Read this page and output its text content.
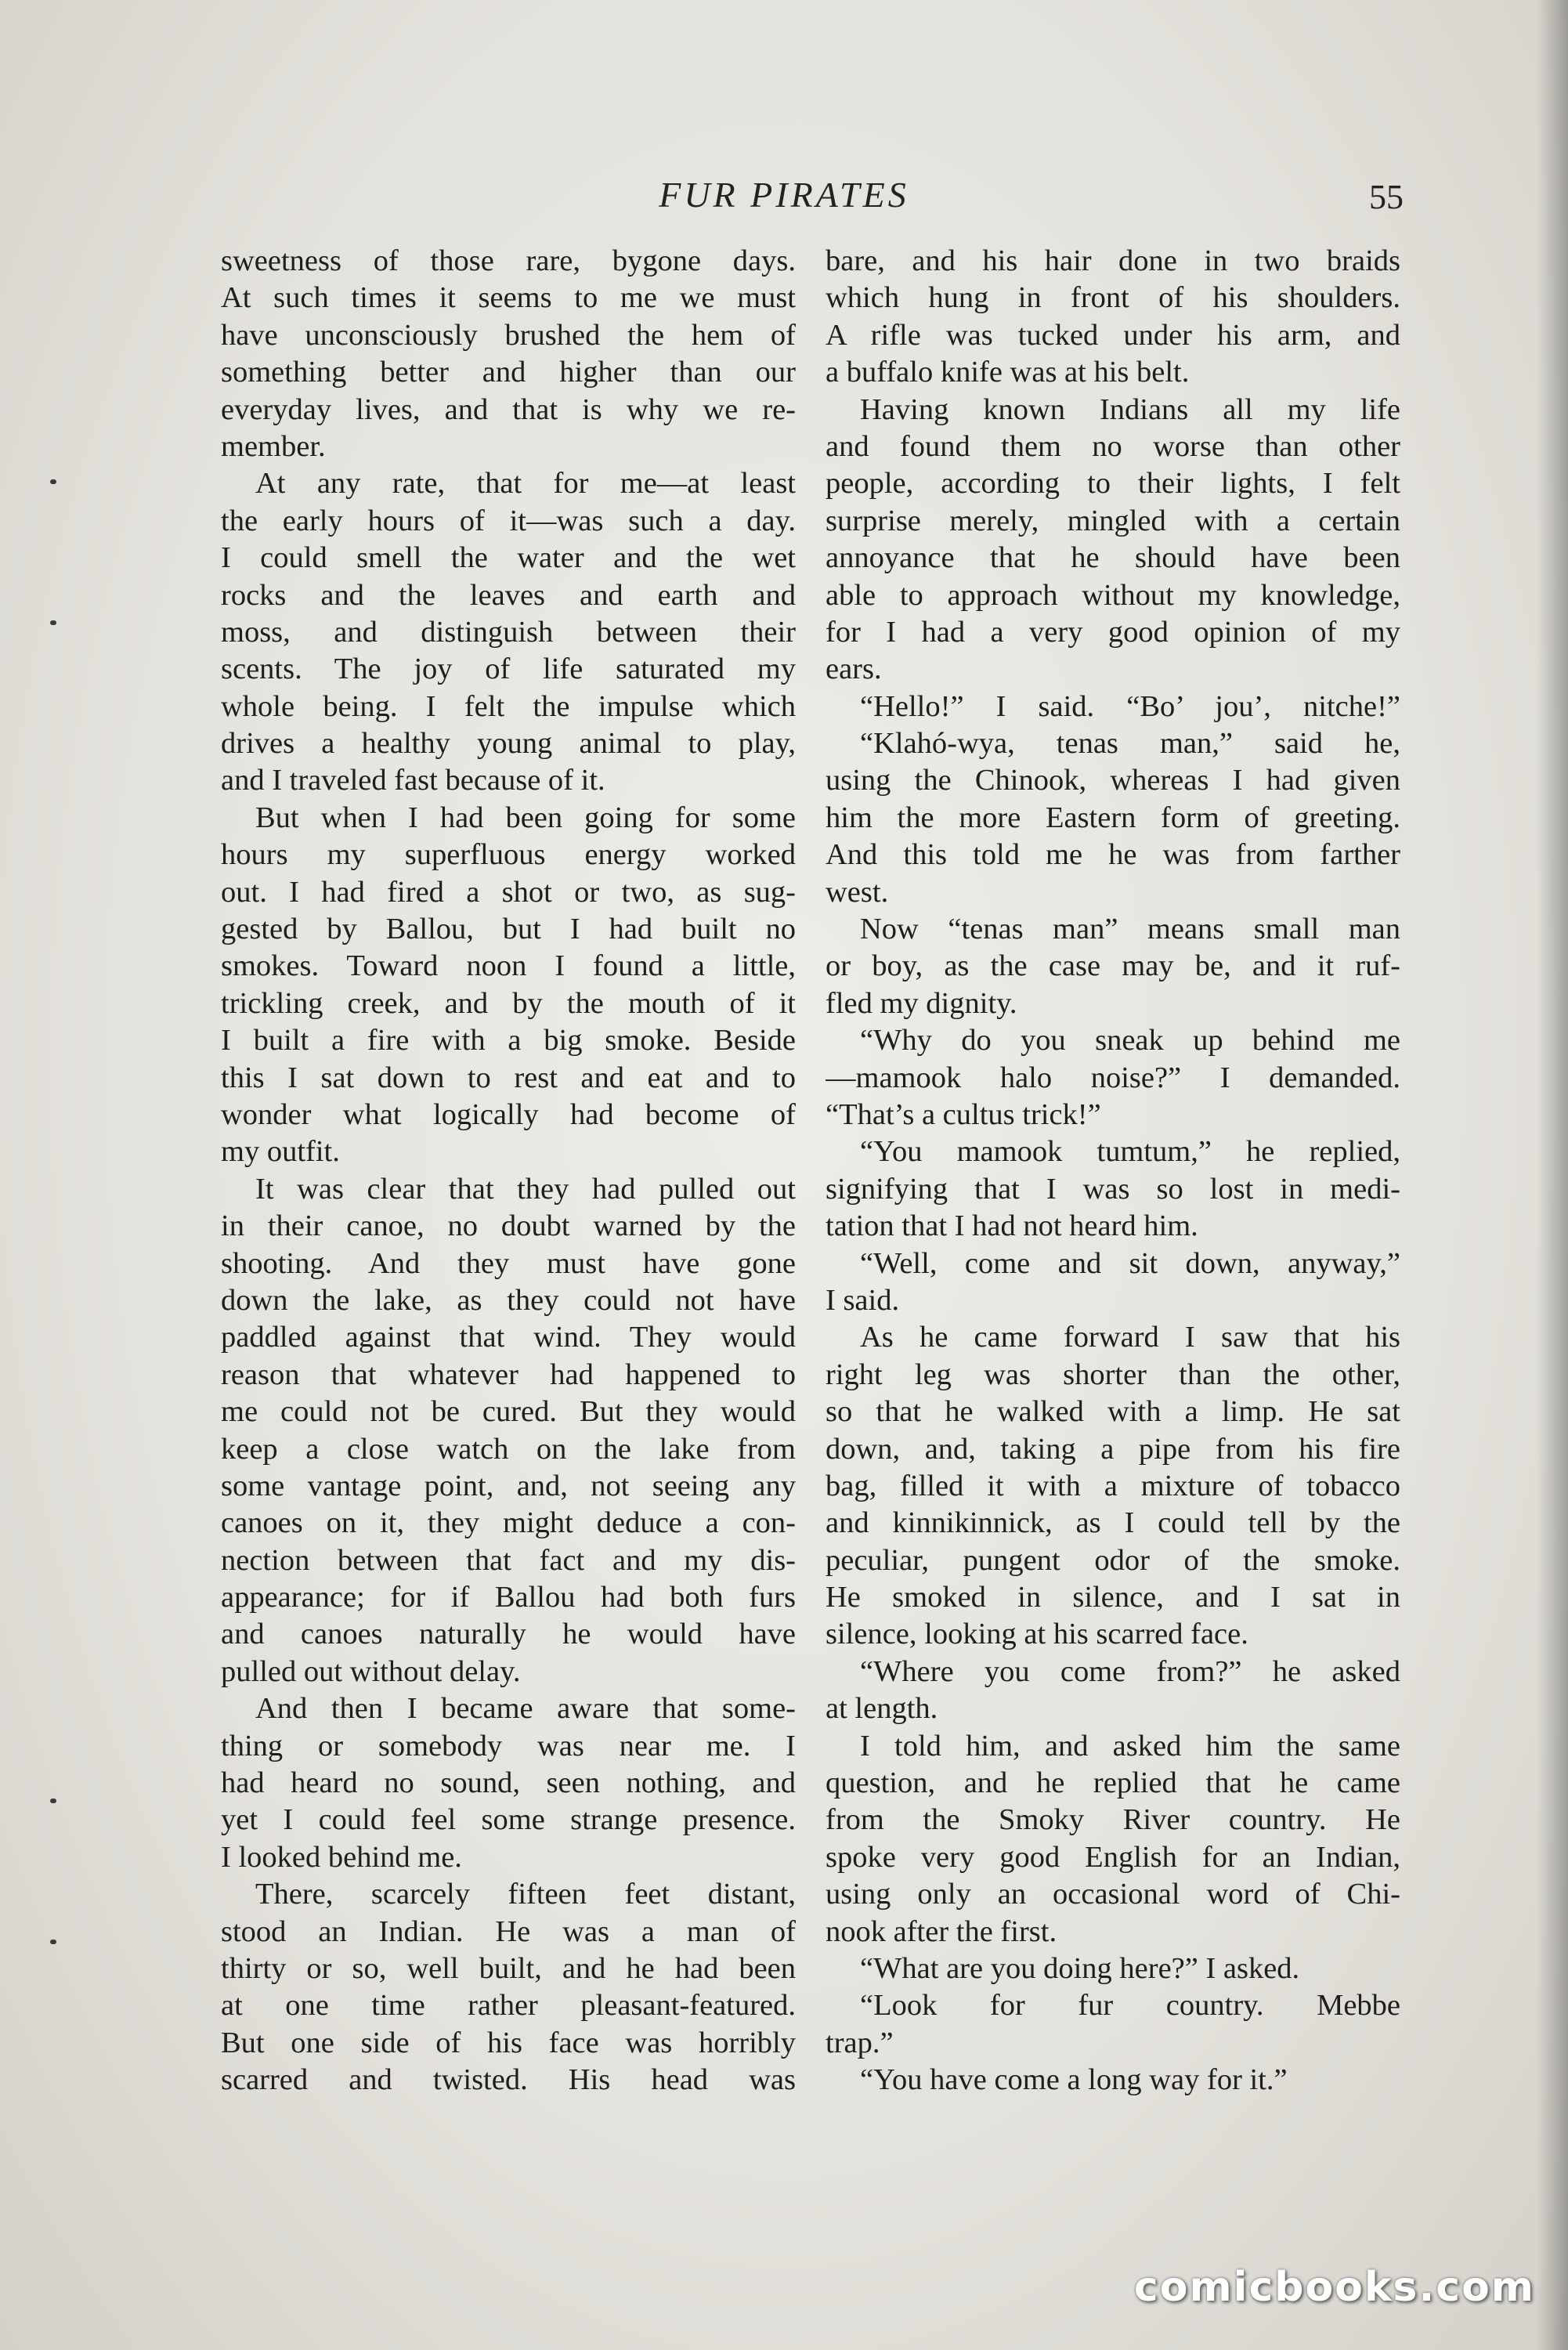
FUR PIRATES	55
sweetness of those rare, bygone days.
At such times it seems to me we must
have unconsciously brushed the hem of
something better and higher than our
everyday lives, and that is why we re-
member.
At any rate, that for me—at least
the early hours of it—was such a day.
I could smell the water and the wet
rocks and the leaves and earth and
moss, and distinguish between their
scents. The joy of life saturated my
whole being. I felt the impulse which
drives a healthy young animal to play,
and I traveled fast because of it.
But when I had been going for some
hours my superfluous energy worked
out. I had fired a shot or two, as sug-
gested by Ballou, but I had built no
smokes. Toward noon I found a little,
trickling creek, and by the mouth of it
I built a fire with a big smoke. Beside
this I sat down to rest and eat and to
wonder what logically had become of
my outfit.
It was clear that they had pulled out
in their canoe, no doubt warned by the
shooting. And they must have gone
down the lake, as they could not have
paddled against that wind. They would
reason that whatever had happened to
me could not be cured. But they would
keep a close watch on the lake from
some vantage point, and, not seeing any
canoes on it, they might deduce a con-
nection between that fact and my dis-
appearance; for if Ballou had both furs
and canoes naturally he would have
pulled out without delay.
And then I became aware that some-
thing or somebody was near me. I
had heard no sound, seen nothing, and
yet I could feel some strange presence.
I looked behind me.
There, scarcely fifteen feet distant,
stood an Indian. He was a man of
thirty or so, well built, and he had been
at one time rather pleasant-featured.
But one side of his face was horribly
scarred and twisted. His head was
bare, and his hair done in two braids
which hung in front of his shoulders.
A rifle was tucked under his arm, and
a buffalo knife was at his belt.
Having known Indians all my life
and found them no worse than other
people, according to their lights, I felt
surprise merely, mingled with a certain
annoyance that he should have been
able to approach without my knowledge,
for I had a very good opinion of my
ears.
“Hello!” I said. “Bo’ jou’, nitche!”
“Klahó-wya, tenas man,” said he,
using the Chinook, whereas I had given
him the more Eastern form of greeting.
And this told me he was from farther
west.
Now “tenas man” means small man
or boy, as the case may be, and it ruf-
fled my dignity.
“Why do you sneak up behind me
—mamook halo noise?” I demanded.
“That’s a cultus trick!”
“You mamook tumtum,” he replied,
signifying that I was so lost in medi-
tation that I had not heard him.
“Well, come and sit down, anyway,”
I said.
As he came forward I saw that his
right leg was shorter than the other,
so that he walked with a limp. He sat
down, and, taking a pipe from his fire
bag, filled it with a mixture of tobacco
and kinnikinnick, as I could tell by the
peculiar, pungent odor of the smoke.
He smoked in silence, and I sat in
silence, looking at his scarred face.
“Where you come from?” he asked
at length.
I told him, and asked him the same
question, and he replied that he came
from the Smoky River country. He
spoke very good English for an Indian,
using only an occasional word of Chi-
nook after the first.
“What are you doing here?” I asked.
“Look for fur country. Mebbe
trap.”
“You have come a long way for it.”
comicbooks.com
